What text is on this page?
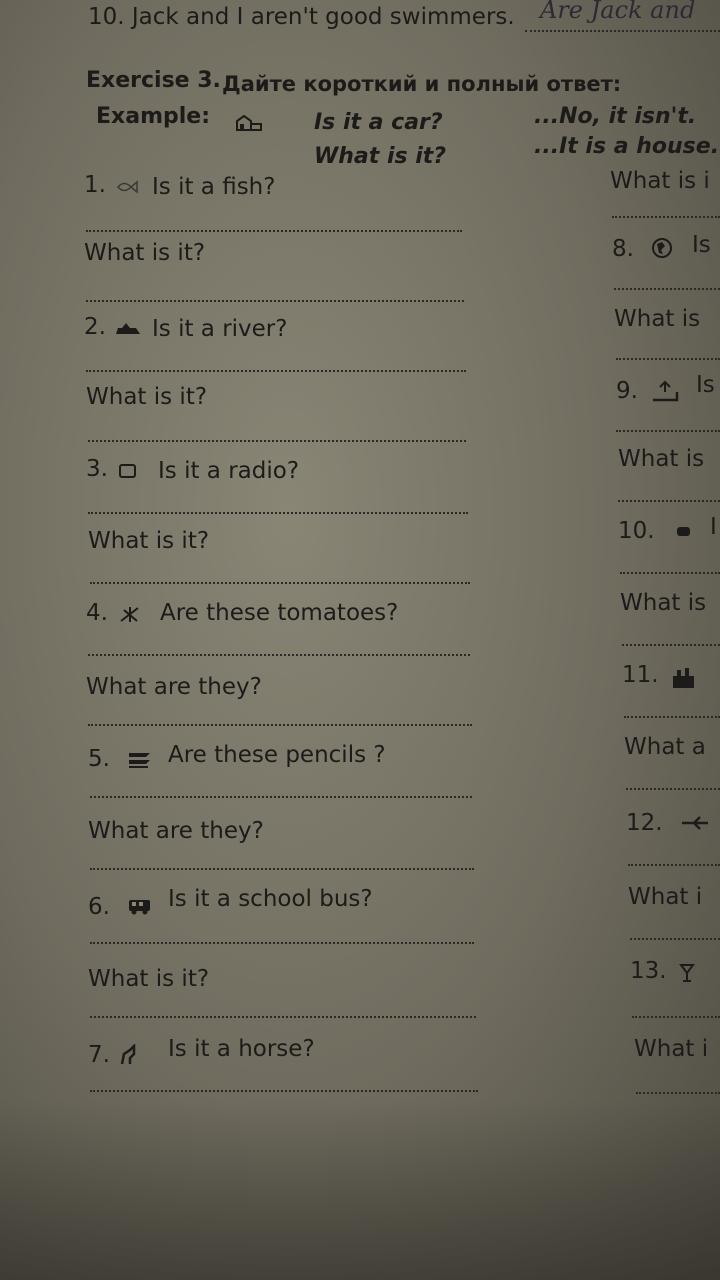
10. Jack and I aren't good swimmers. Are Jack and
Exercise 3. Дайте короткий и полный ответ:
Example:	Is it a car?	...No, it isn't.
What is it?	...It is a house.
1. Is it a fish?
What is it?
2. Is it a river?
What is it?
3. Is it a radio?
What is it?
4. Are these tomatoes?
What are they?
5.	Are these pencils ?
What are they?
6.	Is it a school bus?
What is it?
7.	Is it a horse?
What is i
8.	Is
What is
9.	Is
What is
10. I
What is
11.
What a
12.
What i
13.
What i
